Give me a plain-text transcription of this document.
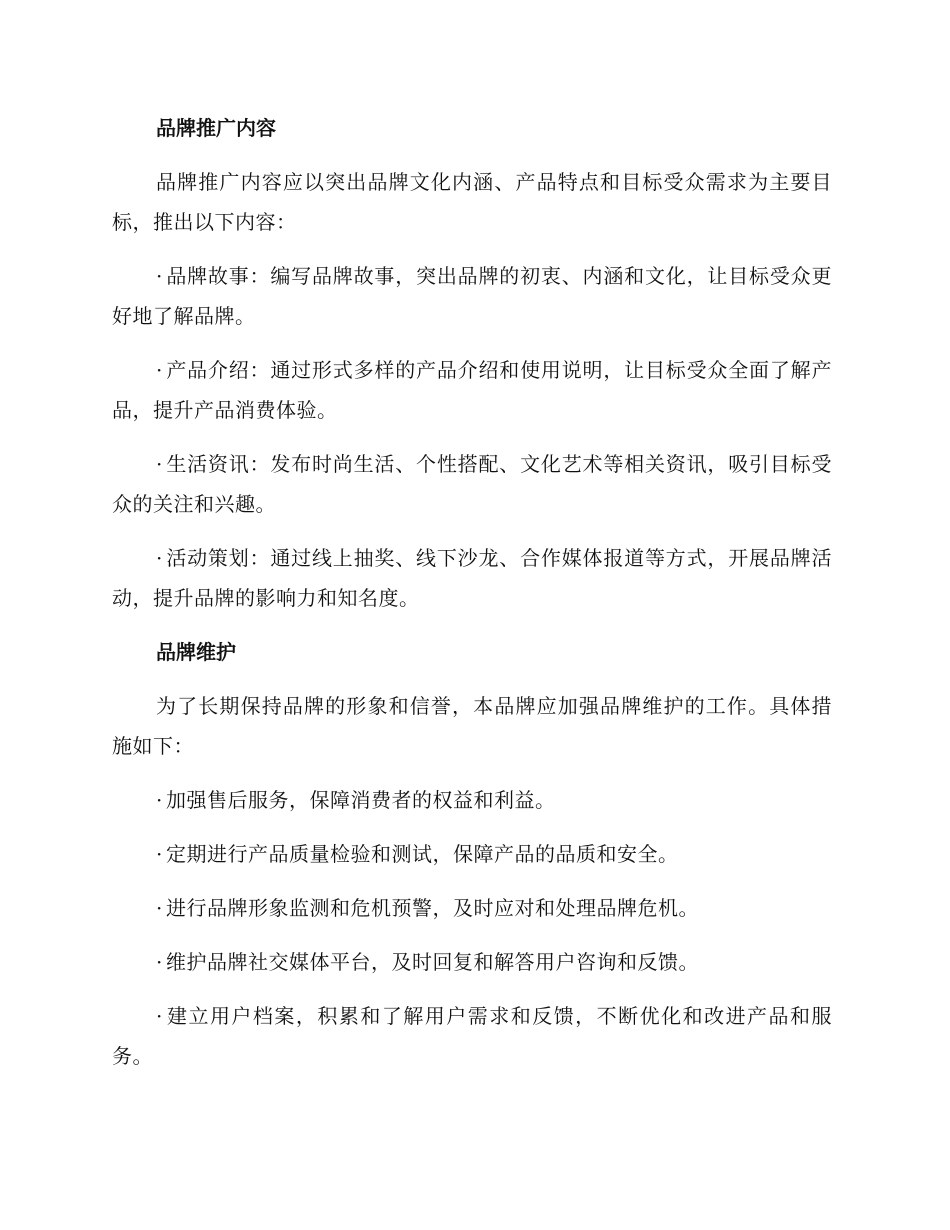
品牌推广内容

品牌推广内容应以突出品牌文化内涵、产品特点和目标受众需求为主要目标，推出以下内容：

· 品牌故事：编写品牌故事，突出品牌的初衷、内涵和文化，让目标受众更好地了解品牌。

· 产品介绍：通过形式多样的产品介绍和使用说明，让目标受众全面了解产品，提升产品消费体验。

· 生活资讯：发布时尚生活、个性搭配、文化艺术等相关资讯，吸引目标受众的关注和兴趣。

· 活动策划：通过线上抽奖、线下沙龙、合作媒体报道等方式，开展品牌活动，提升品牌的影响力和知名度。

品牌维护

为了长期保持品牌的形象和信誉，本品牌应加强品牌维护的工作。具体措施如下：

· 加强售后服务，保障消费者的权益和利益。

· 定期进行产品质量检验和测试，保障产品的品质和安全。

· 进行品牌形象监测和危机预警，及时应对和处理品牌危机。

· 维护品牌社交媒体平台，及时回复和解答用户咨询和反馈。

· 建立用户档案，积累和了解用户需求和反馈，不断优化和改进产品和服务。
